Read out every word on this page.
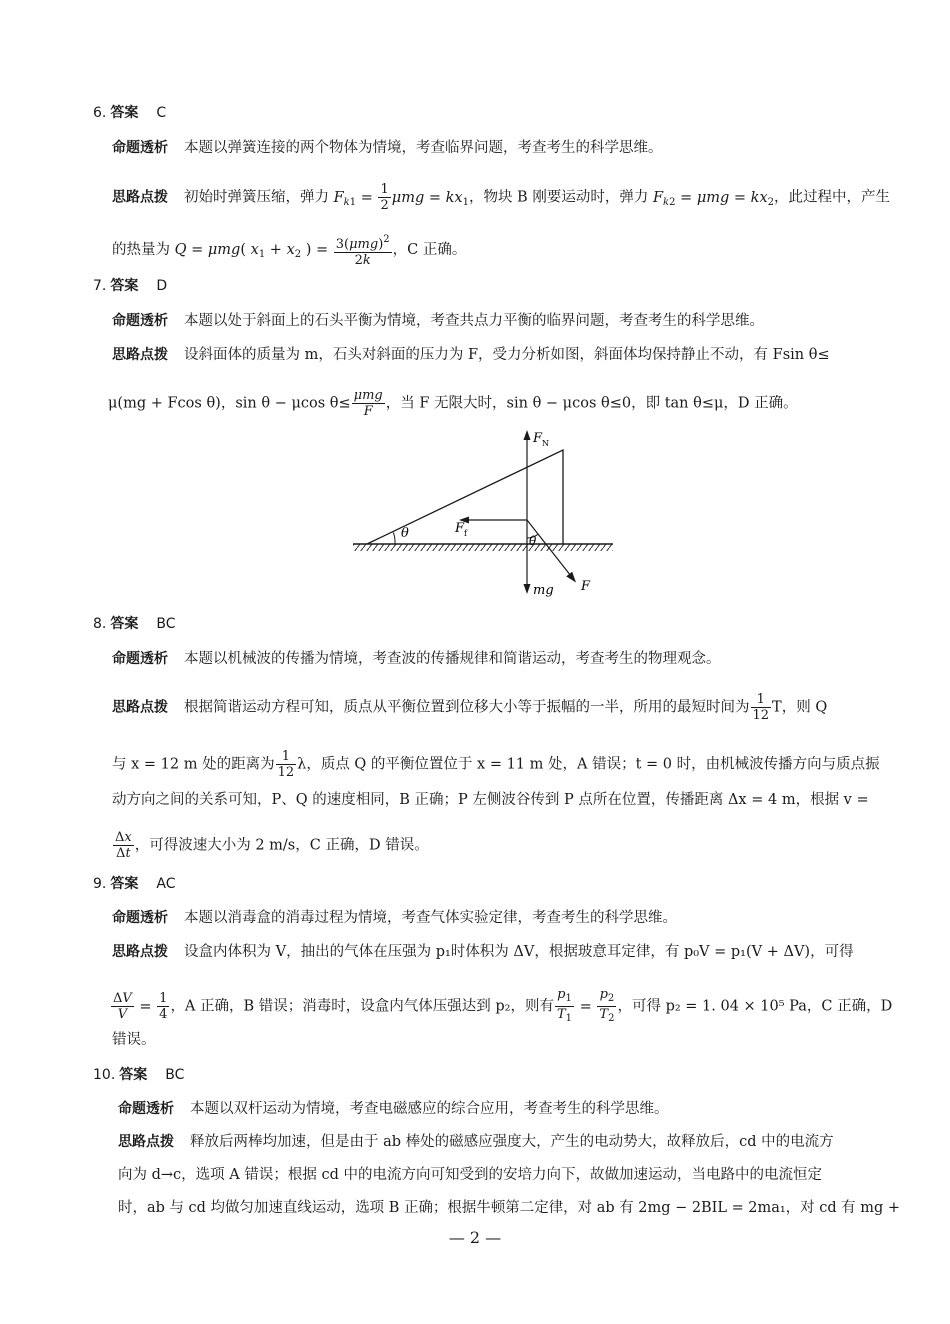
6. 答案 C
命题透析 本题以弹簧连接的两个物体为情境，考查临界问题，考查考生的科学思维。
思路点拨 初始时弹簧压缩，弹力 $F_{k1} = \frac{1}{2}$ $\mu mg = kx_1$，物块 B 刚要运动时，弹力 $F_{k2} = \mu mg = kx_2$，此过程中，产生
的热量为 Q = μmg( $x_1 + x_2$ ) = $\frac{3(\mu mg)^2}{2k}$ ，C 正确。
7. 答案 D
命题透析 本题以处于斜面上的石头平衡为情境，考查共点力平衡的临界问题，考查考生的科学思维。
思路点拨 设斜面体的质量为 m，石头对斜面的压力为 F，受力分析如图，斜面体均保持静止不动，有 Fsin θ≤
μ(mg + Fcos θ)，sin θ − μcos $\theta\le \frac{\text{μmg}}{F}$ ，当 F 无限大时，sin θ − μcos θ≤0，即 tan θ≤μ，D 正确。
θ
$F_N$
$F_f$
mg F
θ
8. 答案 BC
命题透析 本题以机械波的传播为情境，考查波的传播规律和简谐运动，考查考生的物理观念。
思路点拨 根据简谐运动方程可知，质点从平衡位置到位移大小等于振幅的一半，所用的最短时间为 $\frac{1}{12}$ T，则 Q
与 x = 12 m 处的距离为 $\frac{1}{12}$ λ，质点 Q 的平衡位置位于 x = 11 m 处，A 错误；t = 0 时，由机械波传播方向与质点振
动方向之间的关系可知，P、Q 的速度相同，B 正确；P 左侧波谷传到 P 点所在位置，传播距离 Δx = 4 m，根据 v =
$\frac{\Delta x}{\Delta t}$ ，可得波速大小为 2 m/s，C 正确，D 错误。
9. 答案 AC
命题透析 本题以消毒盒的消毒过程为情境，考查气体实验定律，考查考生的科学思维。
思路点拨 设盒内体积为 V，抽出的气体在压强为 p₁时体积为 ΔV，根据玻意耳定律，有 p₀V = p₁(V + ΔV)，可得
$\frac{\Delta V}{V} = \frac{1}{4}$ ，A 正确，B 错误；消毒时，设盒内气体压强达到 p₂，则有 $\frac{p_1}{T_1} = \frac{p_2}{T_2}$ ，可得 p₂ = 1. 04 × 10⁵ Pa，C 正确，D
错误。
10. 答案 BC
命题透析 本题以双杆运动为情境，考查电磁感应的综合应用，考查考生的科学思维。
思路点拨 释放后两棒均加速，但是由于 ab 棒处的磁感应强度大，产生的电动势大，故释放后，cd 中的电流方
向为 d→c，选项 A 错误；根据 cd 中的电流方向可知受到的安培力向下，故做加速运动，当电路中的电流恒定
时，ab 与 cd 均做匀加速直线运动，选项 B 正确；根据牛顿第二定律，对 ab 有 2mg − 2BIL = 2ma₁，对 cd 有 mg +
— 2 —
